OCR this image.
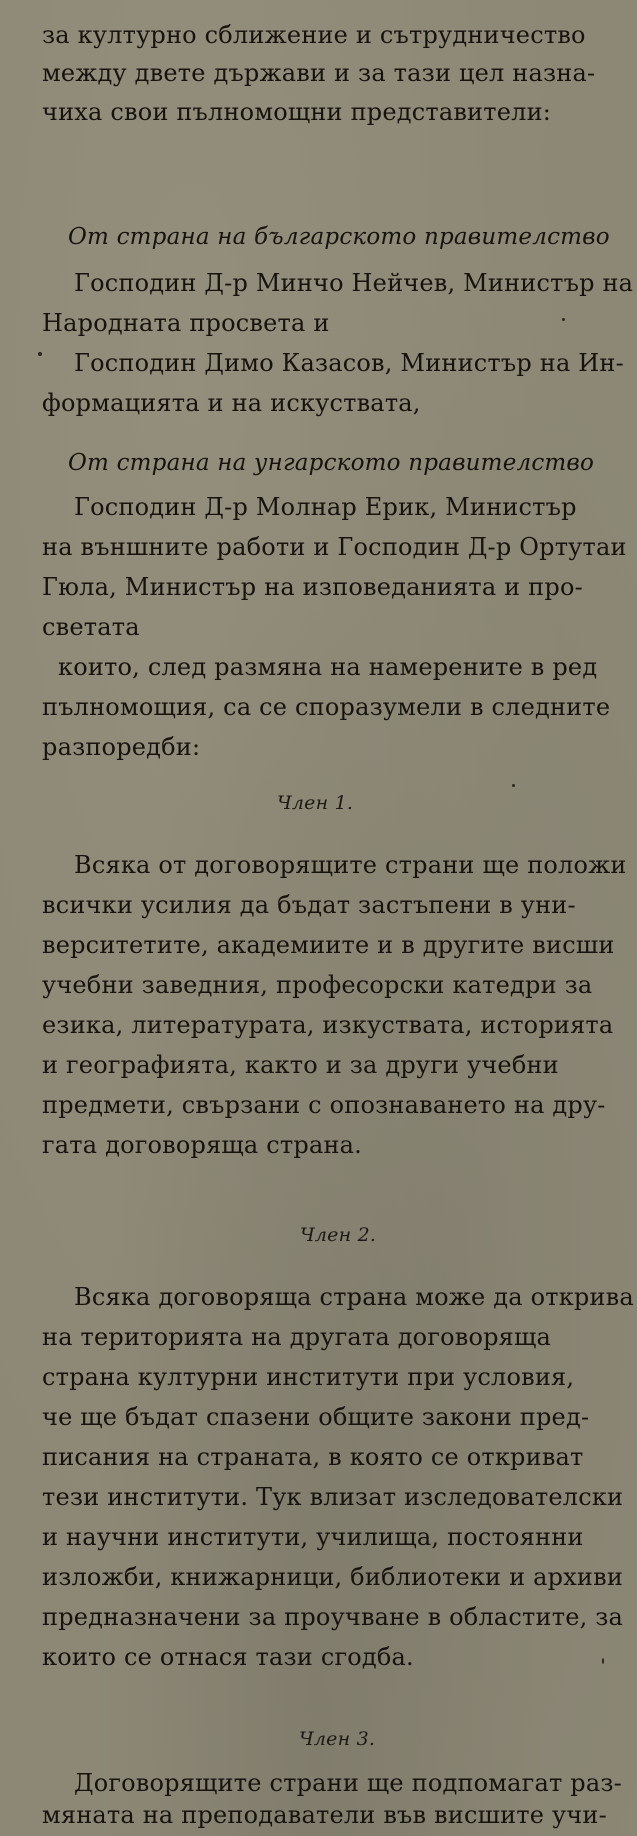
за културно сближение и сътрудничество
между двете държави и за тази цел назна-
чиха свои пълномощни представители:
От страна на българското правителство
Господин Д-р Минчо Нейчев, Министър на
Народната просвета и
Господин Димо Казасов, Министър на Ин-
формацията и на искуствата,
От страна на унгарското правителство
Господин Д-р Молнар Ерик, Министър
на външните работи и Господин Д-р Ортутаи
Гюла, Министър на изповеданията и про-
светата
които, след размяна на намерените в ред
пълномощия, са се споразумели в следните
разпоредби:
Член 1.
Всяка от договорящите страни ще положи
всички усилия да бъдат застъпени в уни-
верситетите, академиите и в другите висши
учебни заведния, професорски катедри за
езика, литературата, изкуствата, историята
и географията, както и за други учебни
предмети, свързани с опознаването на дру-
гата договоряща страна.
Член 2.
Всяка договоряща страна може да открива
на територията на другата договоряща
страна културни институти при условия,
че ще бъдат спазени общите закони пред-
писания на страната, в която се откриват
тези институти. Тук влизат изследователски
и научни институти, училища, постоянни
изложби, книжарници, библиотеки и архиви
предназначени за проучване в областите, за
които се отнася тази сгодба.
Член 3.
Договорящите страни ще подпомагат раз-
мяната на преподаватели във висшите учи-
